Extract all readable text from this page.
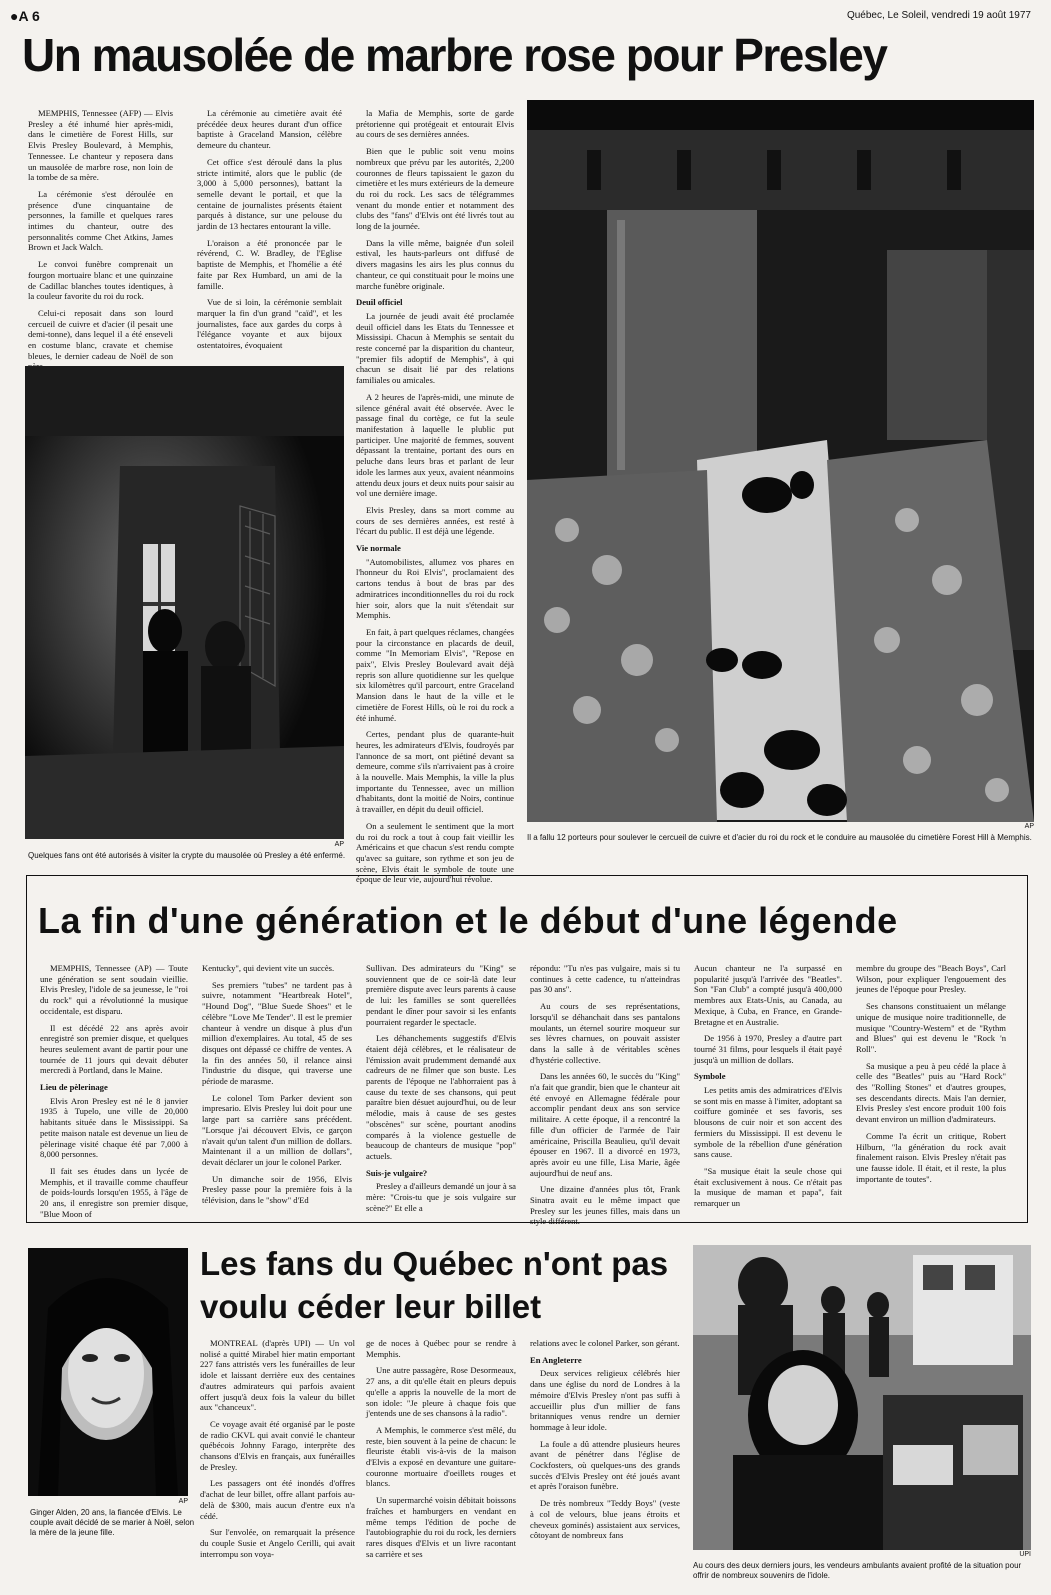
●A 6	Québec, Le Soleil, vendredi 19 août 1977
Un mausolée de marbre rose pour Presley

MEMPHIS, Tennessee (AFP) — Elvis Presley a été inhumé hier après-midi, dans le cimetière de Forest Hills, sur Elvis Presley Boulevard, à Memphis, Tennessee. Le chanteur y reposera dans un mausolée de marbre rose, non loin de la tombe de sa mère.

La cérémonie s'est déroulée en présence d'une cinquantaine de personnes, la famille et quelques rares intimes du chanteur, outre des personnalités comme Chet Atkins, James Brown et Jack Walch.

Le convoi funèbre comprenait un fourgon mortuaire blanc et une quinzaine de Cadillac blanches toutes identiques, à la couleur favorite du roi du rock.

Celui-ci reposait dans son lourd cercueil de cuivre et d'acier (il pesait une demi-tonne), dans lequel il a été enseveli en costume blanc, cravate et chemise bleues, le dernier cadeau de Noël de son

La cérémonie au cimetière avait été précédée deux heures durant d'un office baptiste à Graceland Mansion, célèbre demeure du chanteur.

Cet office s'est déroulé dans la plus stricte intimité, alors que le public (de 3,000 à 5,000 personnes), battant la semelle devant le portail, et que la centaine de journalistes présents étaient parqués à distance, sur une pelouse du jardin de 13 hectares entourant la ville.

L'oraison a été prononcée par le révérend, C. W. Bradley, de l'Eglise baptiste de Memphis, et l'homélie a été faite par Rex Humbard, un ami de la famille.

Vue de si loin, la cérémonie semblait marquer la fin d'un grand "caïd", et les journalistes, face aux gardes du corps à l'élégance voyante et aux bijoux ostentatoires, évoquaient

la Mafia de Memphis, sorte de garde prétorienne qui protégeait et entourait Elvis au cours de ses dernières années.

Bien que le public soit venu moins nombreux que prévu par les autorités, 2,200 couronnes de fleurs tapissaient le gazon du cimetière et les murs extérieurs de la demeure du roi du rock. Les sacs de télégrammes venant du monde entier et notamment des clubs des "fans" d'Elvis ont été livrés tout au long de la journée.

Dans la ville même, baignée d'un soleil estival, les hauts-parleurs ont diffusé de divers magasins les airs les plus connus du chanteur, ce qui constituait pour le moins une marche funèbre originale.

Deuil officiel

La journée de jeudi avait été proclamée deuil officiel dans les Etats du Tennessee et Mississipi. Chacun à Memphis se sentait du reste concerné par la disparition du chanteur, "premier fils adoptif de Memphis", à qui chacun se disait lié par des relations familiales ou amicales.

A 2 heures de l'après-midi, une minute de silence général avait été observée. Avec le passage final du cortège, ce fut la seule manifestation à laquelle le plublic put participer. Une majorité de femmes, souvent dépassant la trentaine, portant des ours en peluche dans leurs bras et parlant de leur idole les larmes aux yeux, avaient néanmoins attendu deux jours et deux nuits pour saisir au vol une dernière image.

Elvis Presley, dans sa mort comme au cours de ses dernières années, est resté à l'écart du public. Il est déjà une légende.

Vie normale

"Automobilistes, allumez vos phares en l'honneur du Roi Elvis", proclamaient des cartons tendus à bout de bras par des admiratrices inconditionnelles du roi du rock hier soir, alors que la nuit s'étendait sur Memphis.

En fait, à part quelques réclames, changées pour la circonstance en placards de deuil, comme "In Memoriam Elvis", "Repose en paix", Elvis Presley Boulevard avait déjà repris son allure quotidienne sur les quelque six kilomètres qu'il parcourt, entre Graceland Mansion dans le haut de la ville et le cimetière de Forest Hills, où le roi du rock a été inhumé.

Certes, pendant plus de quarante-huit heures, les admirateurs d'Elvis, foudroyés par l'annonce de sa mort, ont piétiné devant sa demeure, comme s'ils n'arrivaient pas à croire à la nouvelle. Mais Memphis, la ville la plus importante du Tennessee, avec un million d'habitants, dont la moitié de Noirs, continue à travailler, en dépit du deuil officiel.

On a seulement le sentiment que la mort du roi du rock a tout à coup fait vieillir les Américains et que chacun s'est rendu compte qu'avec sa guitare, son rythme et son jeu de scène, Elvis était le symbole de toute une époque de leur vie, aujourd'hui révolue.

AP
Quelques fans ont été autorisés à visiter la crypte du mausolée où Presley a été enfermé.
AP
Il a fallu 12 porteurs pour soulever le cercueil de cuivre et d'acier du roi du rock et le conduire au mausolée du cimetière Forest Hill à Memphis.
La fin d'une génération et le début d'une légende

MEMPHIS, Tennessee (AP) — Toute une génération se sent soudain vieillie. Elvis Presley, l'idole de sa jeunesse, le "roi du rock" qui a révolutionné la musique occidentale, est disparu.

Il est décédé 22 ans après avoir enregistré son premier disque, et quelques heures seulement avant de partir pour une tournée de 11 jours qui devait débuter mercredi à Portland, dans le Maine.

Lieu de pèlerinage

Elvis Aron Presley est né le 8 janvier 1935 à Tupelo, une ville de 20,000 habitants située dans le Mississippi. Sa petite maison natale est devenue un lieu de pèlerinage visité chaque été par 7,000 à 8,000 personnes.

Il fait ses études dans un lycée de Memphis, et il travaille comme chauffeur de poids-lourds lorsqu'en 1955, à l'âge de 20 ans, il enregistre son premier disque, "Blue Moon of

Kentucky", qui devient vite un succès.

Ses premiers "tubes" ne tardent pas à suivre, notamment "Heartbreak Hotel", "Hound Dog", "Blue Suede Shoes" et le célèbre "Love Me Tender". Il est le premier chanteur à vendre un disque à plus d'un million d'exemplaires. Au total, 45 de ses disques ont dépassé ce chiffre de ventes. A la fin des années 50, il relance ainsi l'industrie du disque, qui traverse une période de marasme.

Le colonel Tom Parker devient son impresario. Elvis Presley lui doit pour une large part sa carrière sans précédent. "Lorsque j'ai découvert Elvis, ce garçon n'avait qu'un talent d'un million de dollars. Maintenant il a un million de dollars", devait déclarer un jour le colonel Parker.

Un dimanche soir de 1956, Elvis Presley passe pour la première fois à la télévision, dans le "show" d'Ed

Sullivan. Des admirateurs du "King" se souviennent que de ce soir-là date leur première dispute avec leurs parents à cause de lui: les familles se sont querellées pendant le dîner pour savoir si les enfants pourraient regarder le spectacle.

Les déhanchements suggestifs d'Elvis étaient déjà célèbres, et le réalisateur de l'émission avait prudemment demandé aux cadreurs de ne filmer que son buste. Les parents de l'époque ne l'abhorraient pas à cause du texte de ses chansons, qui peut paraître bien désuet aujourd'hui, ou de leur mélodie, mais à cause de ses gestes "obscènes" sur scène, pourtant anodins comparés à la violence gestuelle de beaucoup de chanteurs de musique "pop" actuels.

Suis-je vulgaire?

Presley a d'ailleurs demandé un jour à sa mère: "Crois-tu que je sois vulgaire sur scène?" Et elle a

répondu: "Tu n'es pas vulgaire, mais si tu continues à cette cadence, tu n'atteindras pas 30 ans".

Au cours de ses représentations, lorsqu'il se déhanchait dans ses pantalons moulants, un éternel sourire moqueur sur ses lèvres charnues, on pouvait assister dans la salle à de véritables scènes d'hystérie collective.

Dans les années 60, le succès du "King" n'a fait que grandir, bien que le chanteur ait été envoyé en Allemagne fédérale pour accomplir pendant deux ans son service militaire. A cette époque, il a rencontré la fille d'un officier de l'armée de l'air américaine, Priscilla Beaulieu, qu'il devait épouser en 1967. Il a divorcé en 1973, après avoir eu une fille, Lisa Marie, âgée aujourd'hui de neuf ans.

Une dizaine d'années plus tôt, Frank Sinatra avait eu le même impact que Presley sur les jeunes filles, mais dans un style différent.

Aucun chanteur ne l'a surpassé en popularité jusqu'à l'arrivée des "Beatles". Son "Fan Club" a compté jusqu'à 400,000 membres aux Etats-Unis, au Canada, au Mexique, à Cuba, en France, en Grande-Bretagne et en Australie.

De 1956 à 1970, Presley a d'autre part tourné 31 films, pour lesquels il était payé jusqu'à un million de dollars.

Symbole

Les petits amis des admiratrices d'Elvis se sont mis en masse à l'imiter, adoptant sa coiffure gominée et ses favoris, ses blousons de cuir noir et son accent des fermiers du Mississippi. Il est devenu le symbole de la rébellion d'une génération sans cause.

"Sa musique était la seule chose qui était exclusivement à nous. Ce n'était pas la musique de maman et papa", fait remarquer un

membre du groupe des "Beach Boys", Carl Wilson, pour expliquer l'engouement des jeunes de l'époque pour Presley.

Ses chansons constituaient un mélange unique de musique noire traditionnelle, de musique "Country-Western" et de "Rythm and Blues" qui est devenu le "Rock 'n Roll".

Sa musique a peu à peu cédé la place à celle des "Beatles" puis au "Hard Rock" des "Rolling Stones" et d'autres groupes, ses descendants directs. Mais l'an dernier, Elvis Presley s'est encore produit 100 fois devant environ un million d'admirateurs.

Comme l'a écrit un critique, Robert Hilburn, "la génération du rock avait finalement raison. Elvis Presley n'était pas une fausse idole. Il était, et il reste, la plus importante de toutes".

AP
Ginger Alden, 20 ans, la fiancée d'Elvis. Le couple avait décidé de se marier à Noël, selon la mère de la jeune fille.
Les fans du Québec n'ont pas voulu céder leur billet

MONTREAL (d'après UPI) — Un vol nolisé a quitté Mirabel hier matin emportant 227 fans attristés vers les funérailles de leur idole et laissant derrière eux des centaines d'autres admirateurs qui parfois avaient offert jusqu'à deux fois la valeur du billet aux "chanceux".

Ce voyage avait été organisé par le poste de radio CKVL qui avait convié le chanteur québécois Johnny Farago, interprète des chansons d'Elvis en français, aux funérailles de Presley.

Les passagers ont été inondés d'offres d'achat de leur billet, offre allant parfois au-delà de $300, mais aucun d'entre eux n'a cédé.

Sur l'envolée, on remarquait la présence du couple Susie et Angelo Cerilli, qui avait interrompu son voya-

ge de noces à Québec pour se rendre à Memphis.

Une autre passagère, Rose Desormeaux, 27 ans, a dit qu'elle était en pleurs depuis qu'elle a appris la nouvelle de la mort de son idole: "Je pleure à chaque fois que j'entends une de ses chansons à la radio".

A Memphis, le commerce s'est mêlé, du reste, bien souvent à la peine de chacun: le fleuriste établi vis-à-vis de la maison d'Elvis a exposé en devanture une guitare-couronne mortuaire d'oeillets rouges et blancs.

Un supermarché voisin débitait boissons fraîches et hamburgers en vendant en même temps l'édition de poche de l'autobiographie du roi du rock, les derniers rares disques d'Elvis et un livre racontant sa carrière et ses

relations avec le colonel Parker, son gérant.

En Angleterre

Deux services religieux célébrés hier dans une église du nord de Londres à la mémoire d'Elvis Presley n'ont pas suffi à accueillir plus d'un millier de fans britanniques venus rendre un dernier hommage à leur idole.

La foule a dû attendre plusieurs heures avant de pénétrer dans l'église de Cockfosters, où quelques-uns des grands succès d'Elvis Presley ont été joués avant et après l'oraison funèbre.

De très nombreux "Teddy Boys" (veste à col de velours, blue jeans étroits et cheveux gominés) assistaient aux services, côtoyant de nombreux fans

UPI
Au cours des deux derniers jours, les vendeurs ambulants avaient profité de la situation pour offrir de nombreux souvenirs de l'idole.
